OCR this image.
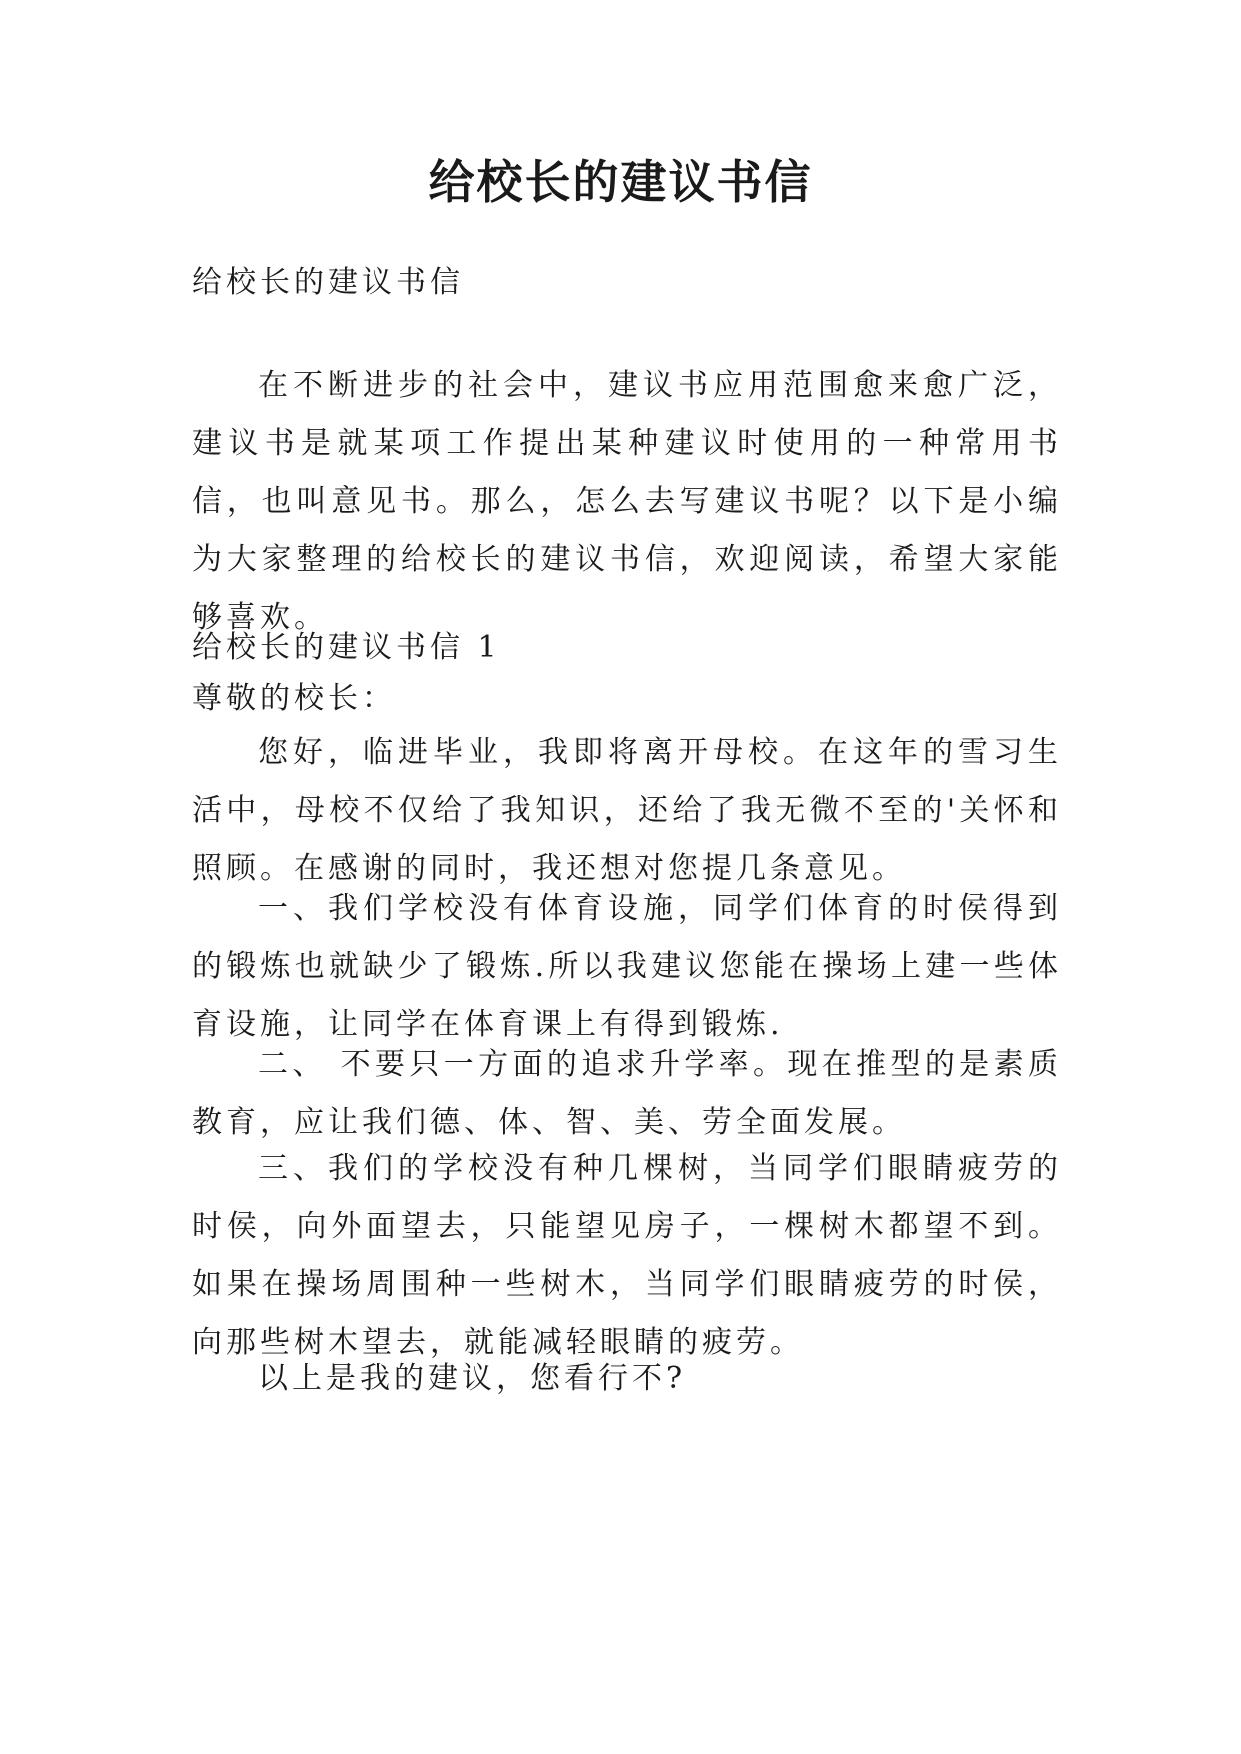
给校长的建议书信

给校长的建议书信

在不断进步的社会中，建议书应用范围愈来愈广泛，建议书是就某项工作提出某种建议时使用的一种常用书信，也叫意见书。那么，怎么去写建议书呢？以下是小编为大家整理的给校长的建议书信，欢迎阅读，希望大家能够喜欢。

给校长的建议书信 1

尊敬的校长：

您好，临进毕业，我即将离开母校。在这年的雪习生活中，母校不仅给了我知识，还给了我无微不至的'关怀和照顾。在感谢的同时，我还想对您提几条意见。

一、我们学校没有体育设施，同学们体育的时侯得到的锻炼也就缺少了锻炼.所以我建议您能在操场上建一些体育设施，让同学在体育课上有得到锻炼.

二、 不要只一方面的追求升学率。现在推型的是素质教育，应让我们德、体、智、美、劳全面发展。

三、我们的学校没有种几棵树，当同学们眼睛疲劳的时侯，向外面望去，只能望见房子，一棵树木都望不到。如果在操场周围种一些树木，当同学们眼睛疲劳的时侯，向那些树木望去，就能减轻眼睛的疲劳。

以上是我的建议，您看行不?
